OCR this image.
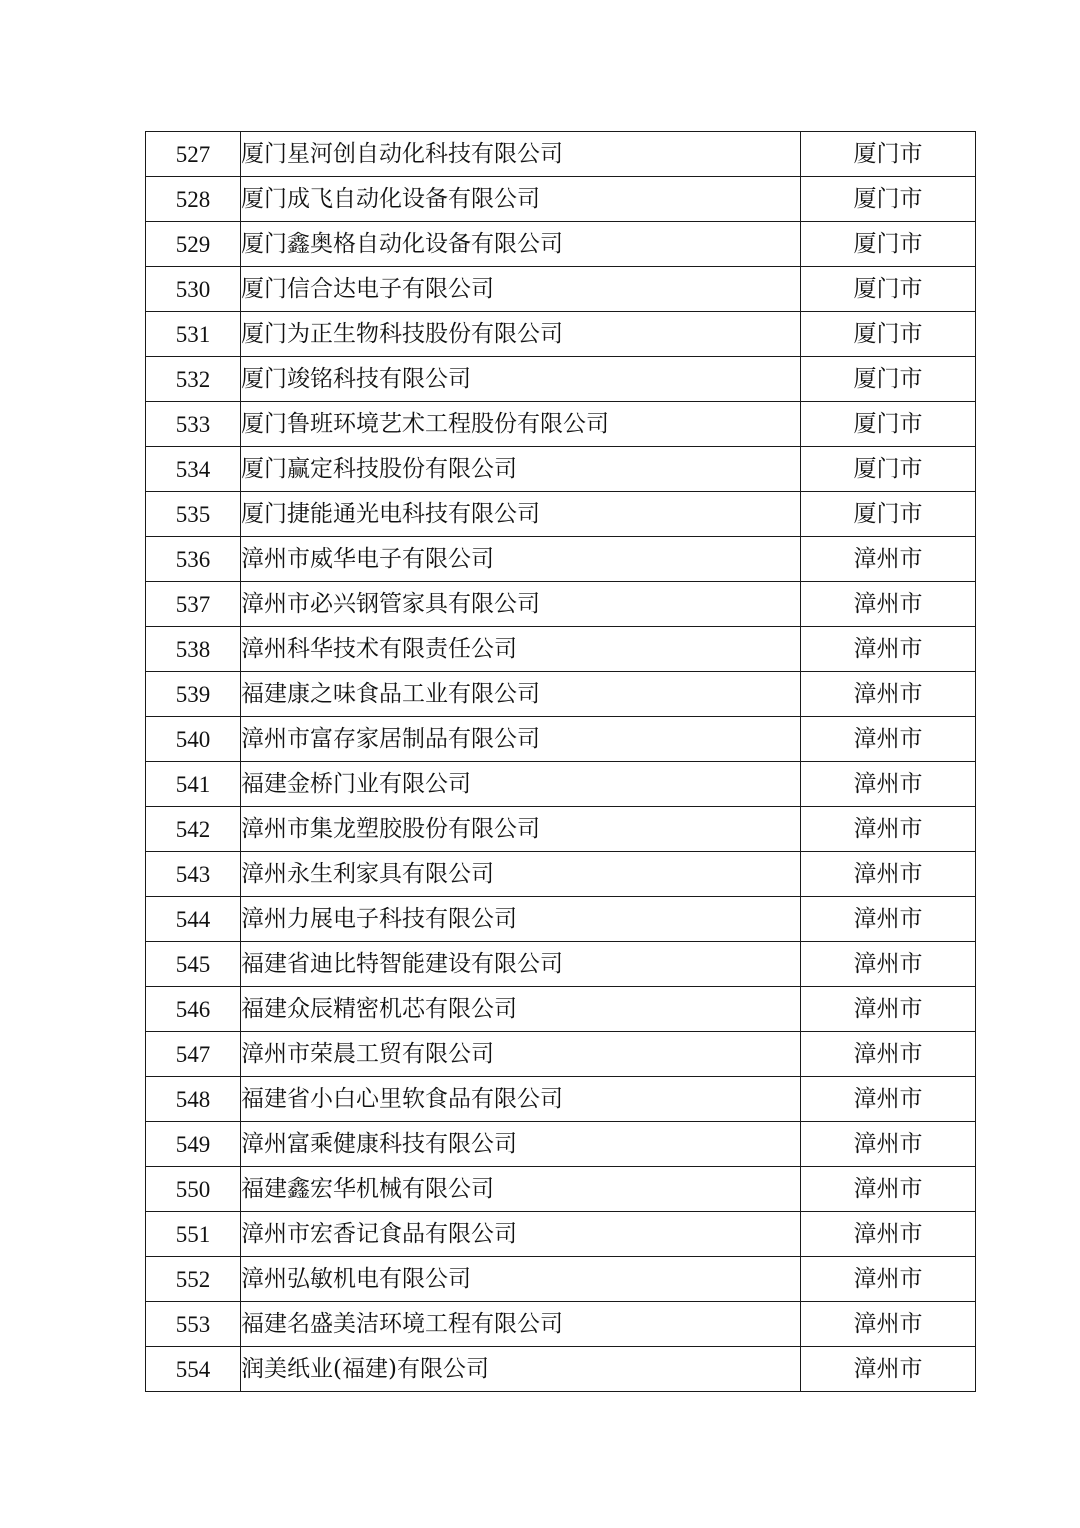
527	厦门星河创自动化科技有限公司	厦门市
528	厦门成飞自动化设备有限公司	厦门市
529	厦门鑫奥格自动化设备有限公司	厦门市
530	厦门信合达电子有限公司	厦门市
531	厦门为正生物科技股份有限公司	厦门市
532	厦门竣铭科技有限公司	厦门市
533	厦门鲁班环境艺术工程股份有限公司	厦门市
534	厦门赢定科技股份有限公司	厦门市
535	厦门捷能通光电科技有限公司	厦门市
536	漳州市威华电子有限公司	漳州市
537	漳州市必兴钢管家具有限公司	漳州市
538	漳州科华技术有限责任公司	漳州市
539	福建康之味食品工业有限公司	漳州市
540	漳州市富存家居制品有限公司	漳州市
541	福建金桥门业有限公司	漳州市
542	漳州市集龙塑胶股份有限公司	漳州市
543	漳州永生利家具有限公司	漳州市
544	漳州力展电子科技有限公司	漳州市
545	福建省迪比特智能建设有限公司	漳州市
546	福建众辰精密机芯有限公司	漳州市
547	漳州市荣晨工贸有限公司	漳州市
548	福建省小白心里软食品有限公司	漳州市
549	漳州富乘健康科技有限公司	漳州市
550	福建鑫宏华机械有限公司	漳州市
551	漳州市宏香记食品有限公司	漳州市
552	漳州弘敏机电有限公司	漳州市
553	福建名盛美洁环境工程有限公司	漳州市
554	润美纸业(福建)有限公司	漳州市
